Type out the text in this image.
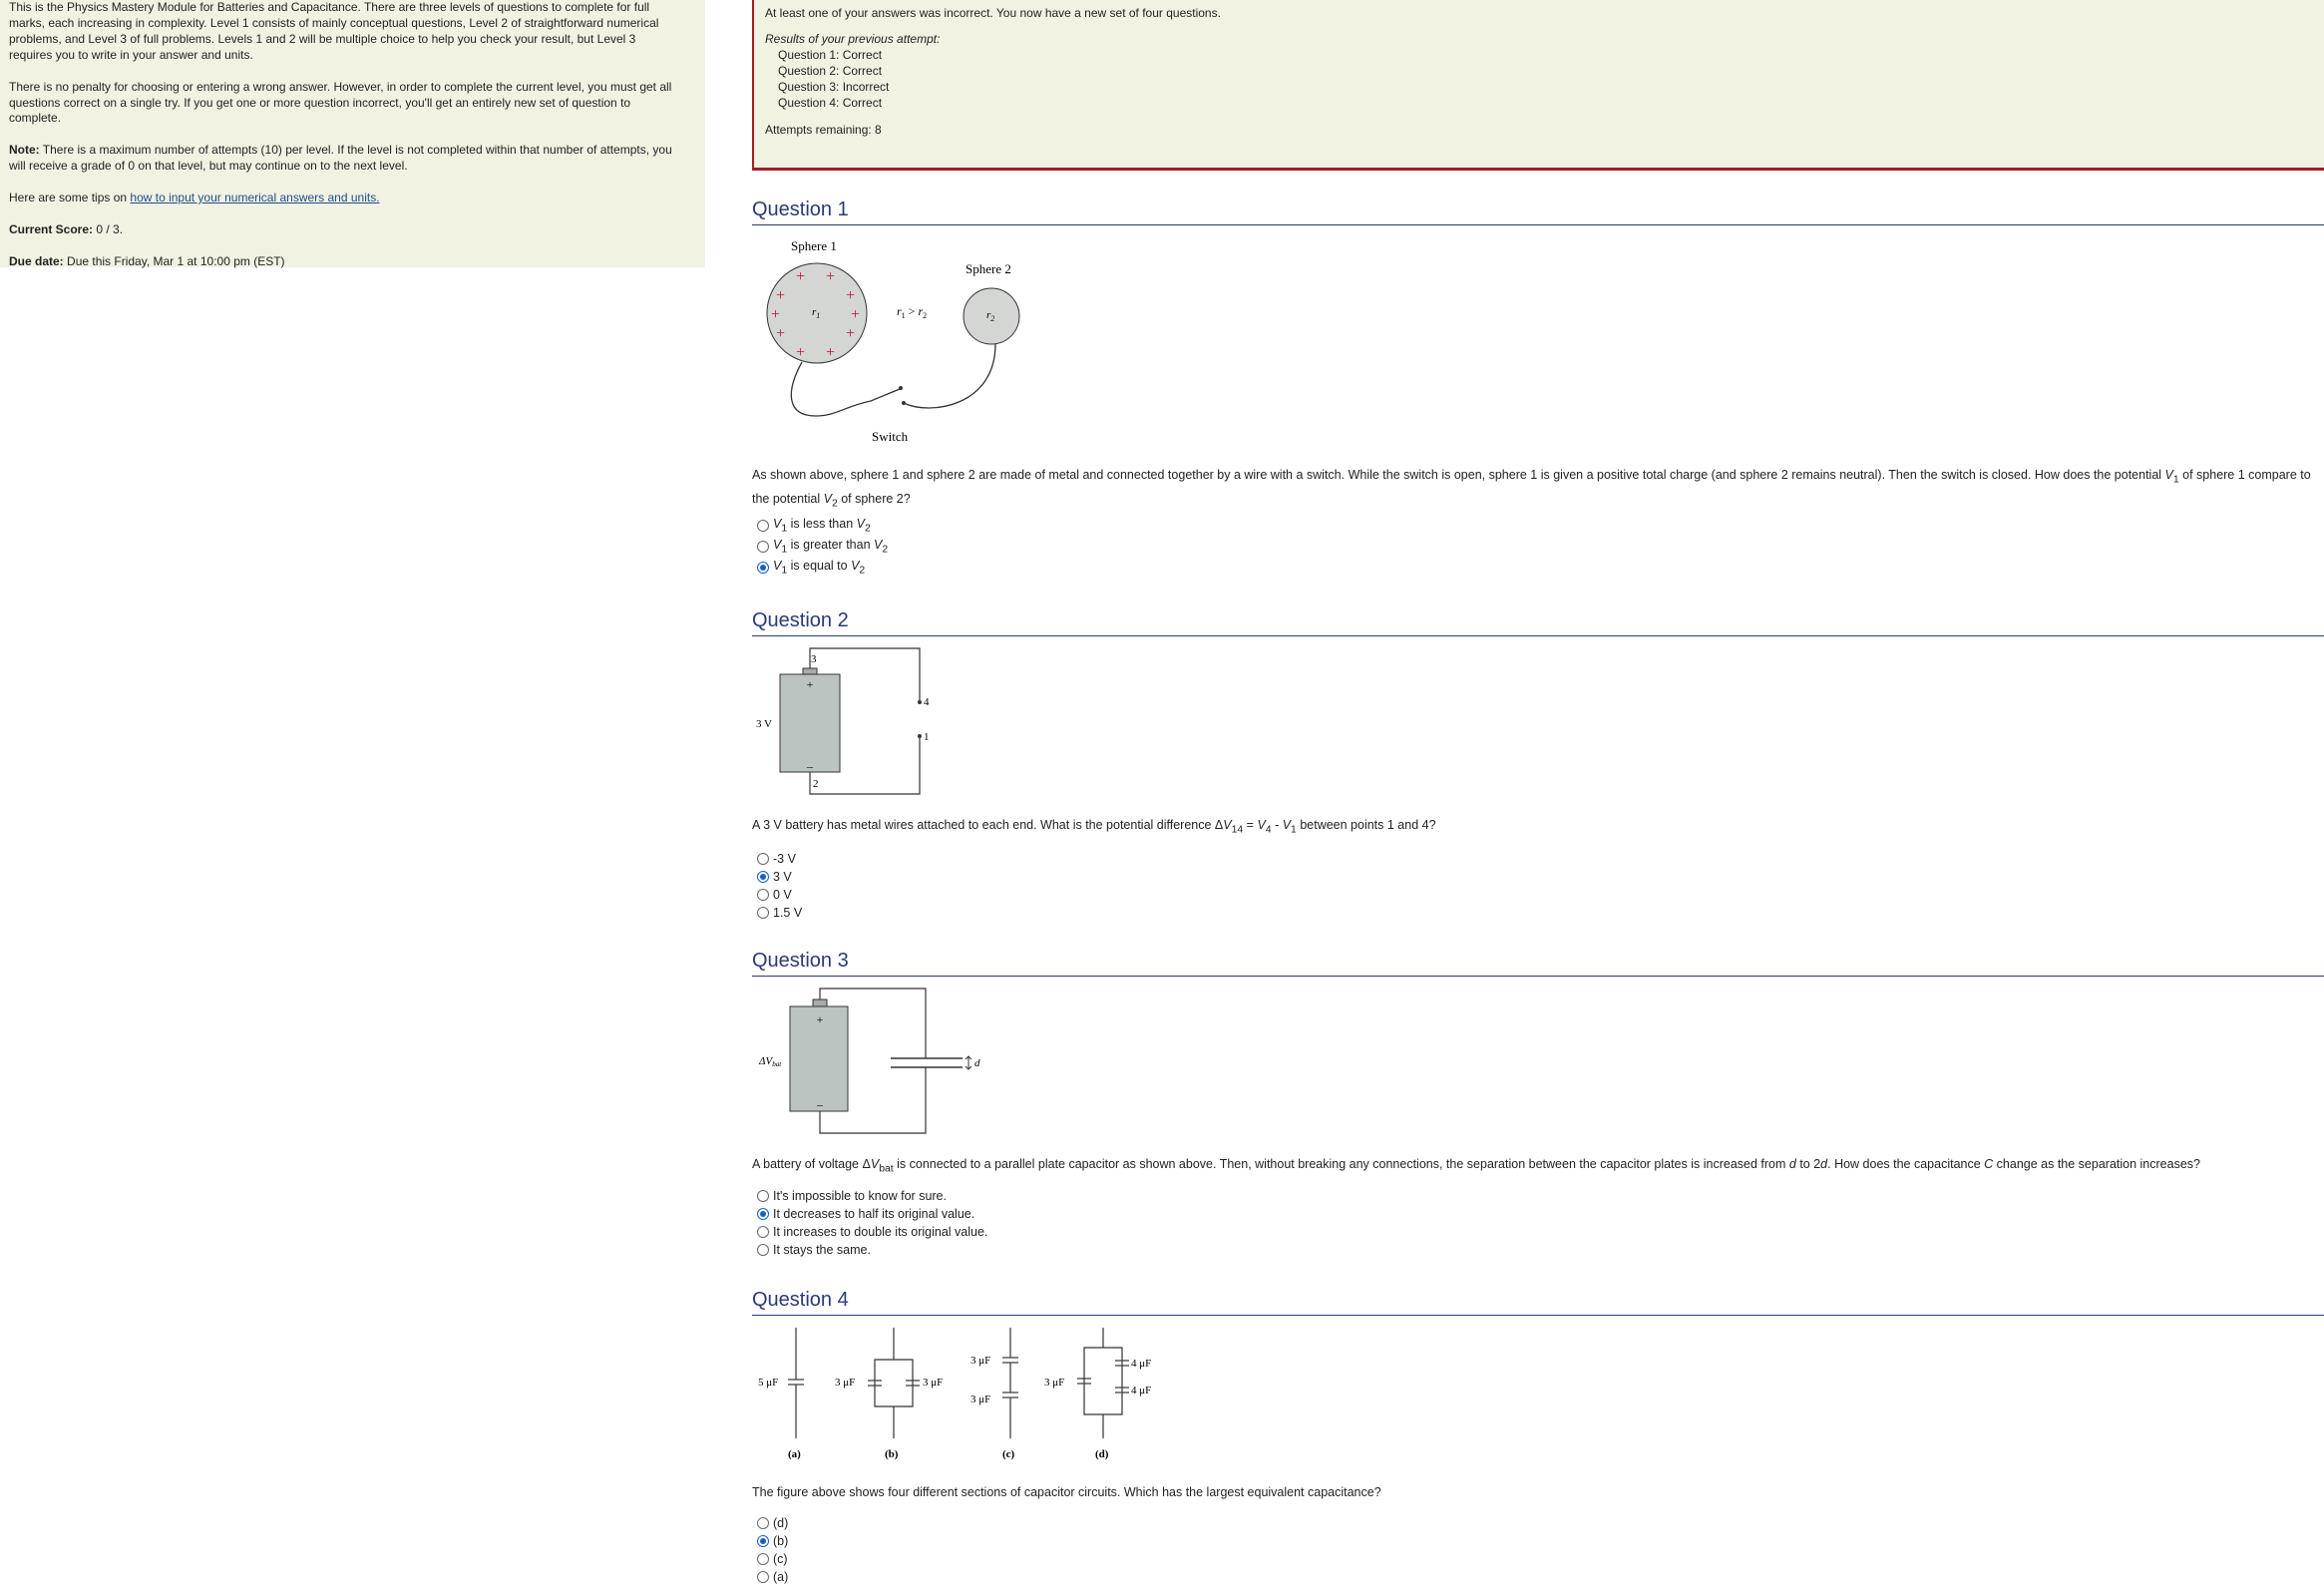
This is the Physics Mastery Module for Batteries and Capacitance. There are three levels of questions to complete for full marks, each increasing in complexity. Level 1 consists of mainly conceptual questions, Level 2 of straightforward numerical problems, and Level 3 of full problems. Levels 1 and 2 will be multiple choice to help you check your result, but Level 3 requires you to write in your answer and units.

There is no penalty for choosing or entering a wrong answer. However, in order to complete the current level, you must get all questions correct on a single try. If you get one or more question incorrect, you'll get an entirely new set of question to complete.

Note: There is a maximum number of attempts (10) per level. If the level is not completed within that number of attempts, you will receive a grade of 0 on that level, but may continue on to the next level.

Here are some tips on how to input your numerical answers and units.

Current Score: 0 / 3.

Due date: Due this Friday, Mar 1 at 10:00 pm (EST)

At least one of your answers was incorrect. You now have a new set of four questions.
Results of your previous attempt:
Question 1: Correct
Question 2: Correct
Question 3: Incorrect
Question 4: Correct
Attempts remaining: 8
Question 1
Sphere 1
Sphere 2
+ +
+	+
+	+
+	+
+ +
$r_1$	$r_2$
$r_1 > r_2$
Switch
As shown above, sphere 1 and sphere 2 are made of metal and connected together by a wire with a switch. While the switch is open, sphere 1 is given a positive total charge (and sphere 2 remains neutral). Then the switch is closed. How does the potential $V_1$ of sphere 1 compare to the potential $V_2$ of sphere 2?
$V_1$ is less than $V_2$
$V_1$ is greater than $V_2$
$V_1$ is equal to $V_2$
Question 2
3
+
–
2
3 V
4
1
A 3 V battery has metal wires attached to each end. What is the potential difference $\Delta V_{14} = V_4 - V_1$ between points 1 and 4?
-3 V
3 V
0 V
1.5 V
Question 3
+
–
ΔVbat	d
A battery of voltage $\Delta V_{bat}$ is connected to a parallel plate capacitor as shown above. Then, without breaking any connections, the separation between the capacitor plates is increased from d to 2d. How does the capacitance C change as the separation increases?
It's impossible to know for sure.
It decreases to half its original value.
It increases to double its original value.
It stays the same.
Question 4
5 μF	3 μF	3 μF
3 μF
3 μF
3 μF
4 μF
4 μF
(a)	(b)	(c)	(d)
The figure above shows four different sections of capacitor circuits. Which has the largest equivalent capacitance?
(d)
(b)
(c)
(a)
